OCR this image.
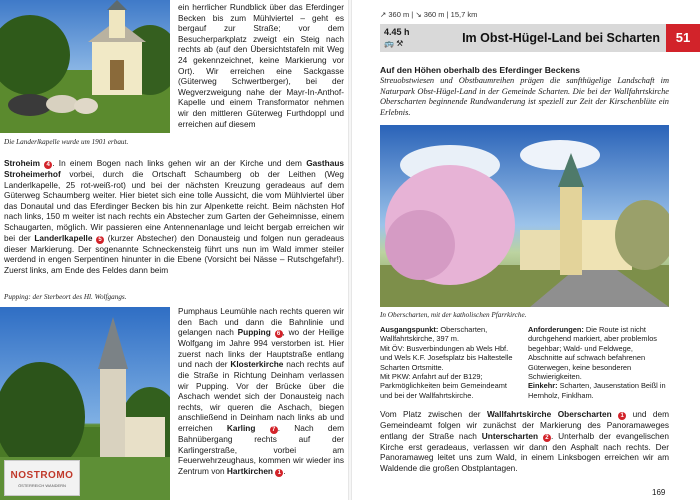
Die Landerlkapelle wurde um 1901 erbaut.

ein herrlicher Rundblick über das Eferdinger Becken bis zum Mühlviertel – geht es bergauf zur Straße; vor dem Besucherparkplatz zweigt ein Steig nach rechts ab (auf den Übersichtstafeln mit Weg 24 gekennzeichnet, keine Markierung vor Ort). Wir erreichen eine Sackgasse (Güterweg Schwertberger), bei der Wegverzweigung nahe der Mayr-In-Anthof-Kapelle und einem Transformator nehmen wir den mittleren Güterweg Furthdoppl und erreichen auf diesem

Stroheim 4 . In einem Bogen nach links gehen wir an der Kirche und dem Gasthaus Stroheimerhof vorbei, durch die Ortschaft Schaumberg ob der Leithen (Weg Landerlkapelle, 25 rot-weiß-rot) und bei der nächsten Kreuzung geradeaus auf dem Güterweg Schaumberg weiter. Hier bietet sich eine tolle Aussicht, die vom Mühlviertel über das Donautal und das Eferdinger Becken bis hin zur Alpenkette reicht. Beim nächsten Hof nach links, 150 m weiter ist nach rechts ein Abstecher zum Garten der Geheimnisse, einem Schaugarten, möglich. Wir passieren eine Antennenanlage und leicht bergab erreichen wir bei der Landerlkapelle 5 (kurzer Abstecher) den Donausteig und folgen nun geradeaus dieser Markierung. Der sogenannte Schneckensteig führt uns nun im Wald immer steiler werdend in engen Serpentinen hinunter in die Ebene (Vorsicht bei Nässe – Rutschgefahr!). Zuerst links, am Ende des Feldes dann beim

Pupping: der Sterbeort des Hl. Wolfgangs.

Pumphaus Leumühle nach rechts queren wir den Bach und dann die Bahnlinie und gelangen nach Pupping 6 , wo der Heilige Wolfgang im Jahre 994 verstorben ist. Hier zuerst nach links der Hauptstraße entlang und nach der Klosterkirche nach rechts auf die Straße in Richtung Deinham verlassen wir Pupping. Vor der Brücke über die Aschach wendet sich der Donausteig nach rechts, wir queren die Aschach, biegen anschließend in Deinham nach links ab und erreichen Karling	7 . Nach dem Bahnübergang rechts auf der Karlingerstraße, vorbei am Feuerwehrzeughaus, kommen wir wieder ins Zentrum von Hartkirchen 1 .

NOSTROMO
ÖSTERREICH WANDERN
↗ 360 m | ↘ 360 m | 15,7 km
4.45 h
🚌 ⚒	Im Obst-Hügel-Land bei Scharten	51
Auf den Höhen oberhalb des Eferdinger Beckens

Streuobstwiesen und Obstbaumreihen prägen die sanfthügelige Landschaft im Naturpark Obst-Hügel-Land in der Gemeinde Scharten. Die bei der Wallfahrtskirche Oberscharten beginnende Rundwanderung ist speziell zur Zeit der Kirschenblüte ein Erlebnis.

In Oberscharten, mit der katholischen Pfarrkirche.

Ausgangspunkt: Oberscharten, Wallfahrtskirche, 397 m.
Mit ÖV: Busverbindungen ab Wels Hbf. und Wels K.F. Josefsplatz bis Haltestelle Scharten Ortsmitte.
Mit PKW: Anfahrt auf der B129; Parkmöglichkeiten beim Gemeindeamt und bei der Wallfahrtskirche.

Anforderungen: Die Route ist nicht durchgehend markiert, aber problemlos begehbar; Wald- und Feldwege, Abschnitte auf schwach befahrenen Güterwegen, keine besonderen Schwierigkeiten.
Einkehr: Scharten, Jausenstation Beißl in Hernholz, Finklham.

Vom Platz zwischen der Wallfahrtskirche Oberscharten 1 und dem Gemeindeamt folgen wir zunächst der Markierung des Panoramaweges entlang der Straße nach Unterscharten 2 . Unterhalb der evangelischen Kirche erst geradeaus, verlassen wir dann den Asphalt nach rechts. Der Panoramaweg leitet uns zum Wald, in einem Linksbogen erreichen wir am Waldende die großen Obstplantagen.

169
